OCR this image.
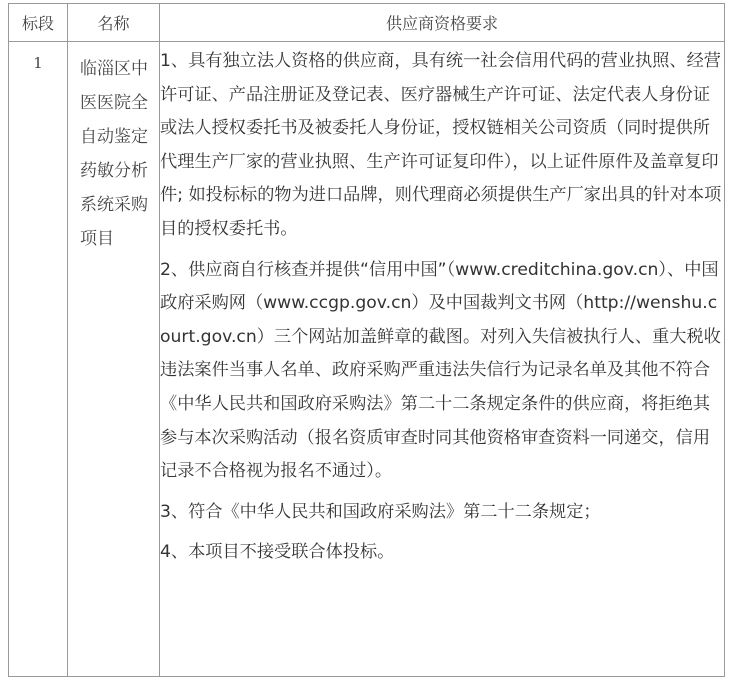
标段	名称	供应商资格要求

1	临淄区中医医院全自动鉴定药敏分析系统采购项目	1、具有独立法人资格的供应商，具有统一社会信用代码的营业执照、经营许可证、产品注册证及登记表、医疗器械生产许可证、法定代表人身份证或法人授权委托书及被委托人身份证，授权链相关公司资质（同时提供所代理生产厂家的营业执照、生产许可证复印件），以上证件原件及盖章复印件; 如投标标的物为进口品牌，则代理商必须提供生产厂家出具的针对本项目的授权委托书。

2、供应商自行核查并提供“信用中国”（www.creditchina.gov.cn）、中国政府采购网（www.ccgp.gov.cn）及中国裁判文书网（http://wenshu.court.gov.cn）三个网站加盖鲜章的截图。对列入失信被执行人、重大税收违法案件当事人名单、政府采购严重违法失信行为记录名单及其他不符合《中华人民共和国政府采购法》第二十二条规定条件的供应商，将拒绝其参与本次采购活动（报名资质审查时同其他资格审查资料一同递交，信用记录不合格视为报名不通过）。

3、符合《中华人民共和国政府采购法》第二十二条规定；

4、本项目不接受联合体投标。
